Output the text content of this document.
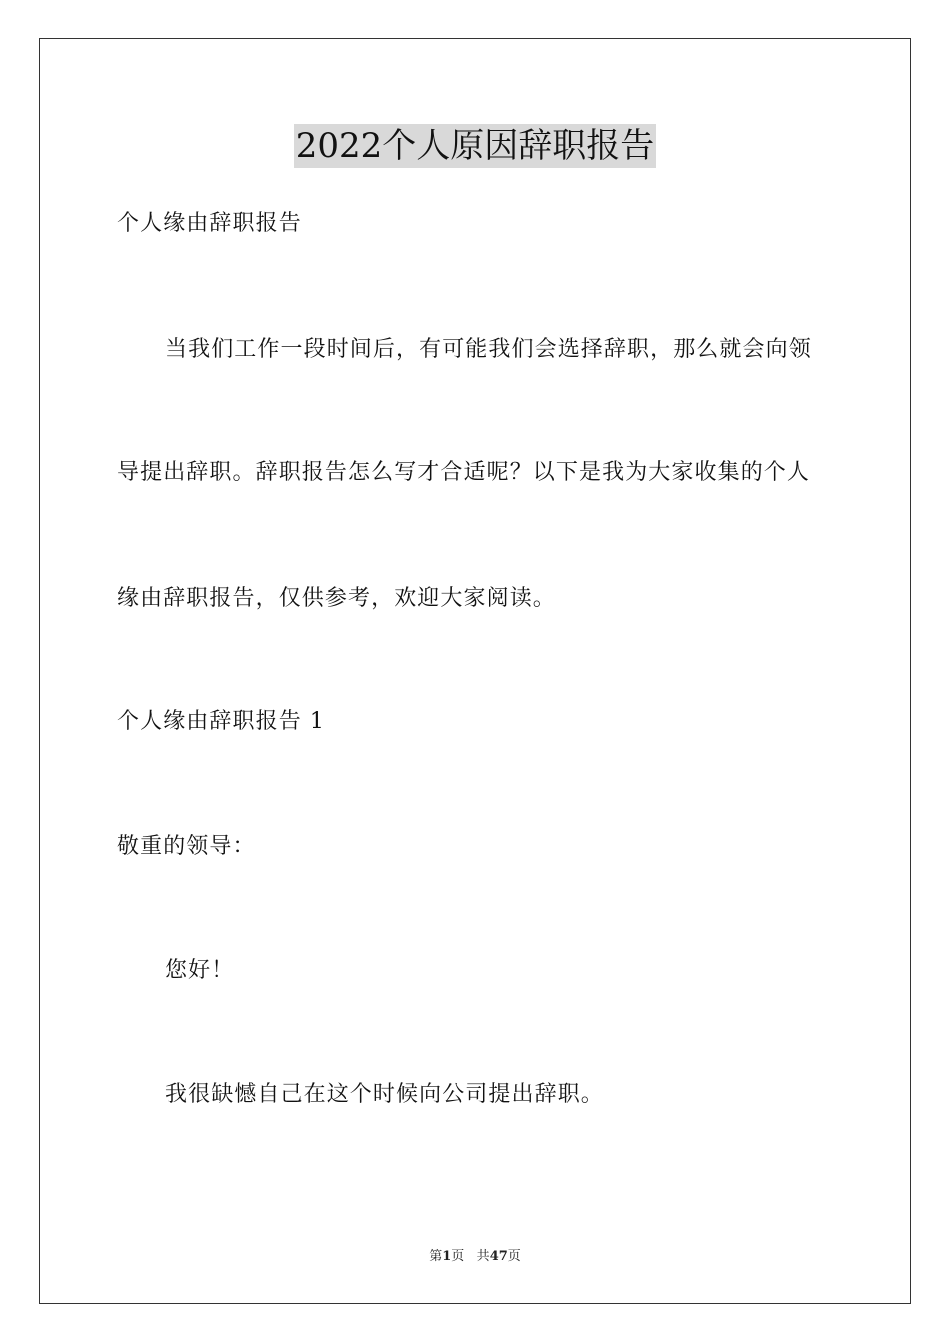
2022个人原因辞职报告
个人缘由辞职报告
当我们工作一段时间后，有可能我们会选择辞职，那么就会向领
导提出辞职。辞职报告怎么写才合适呢？以下是我为大家收集的个人
缘由辞职报告，仅供参考，欢迎大家阅读。
个人缘由辞职报告 1
敬重的领导：
您好！
我很缺憾自己在这个时候向公司提出辞职。
第1页 共47页
